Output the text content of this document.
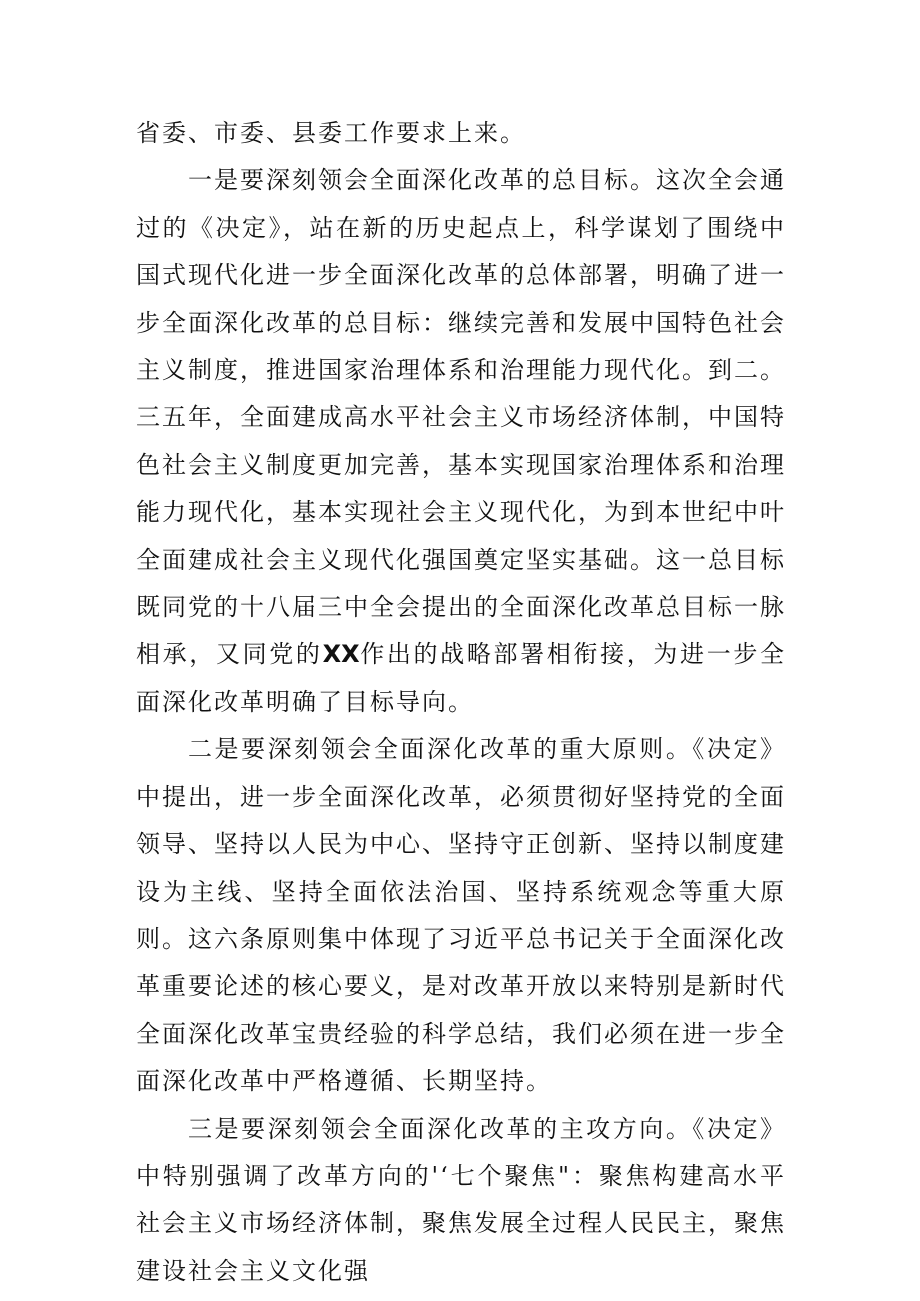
省委、市委、县委工作要求上来。

一是要深刻领会全面深化改革的总目标。这次全会通过的《决定》，站在新的历史起点上，科学谋划了围绕中国式现代化进一步全面深化改革的总体部署，明确了进一步全面深化改革的总目标：继续完善和发展中国特色社会主义制度，推进国家治理体系和治理能力现代化。到二。三五年，全面建成高水平社会主义市场经济体制，中国特色社会主义制度更加完善，基本实现国家治理体系和治理能力现代化，基本实现社会主义现代化，为到本世纪中叶全面建成社会主义现代化强国奠定坚实基础。这一总目标既同党的十八届三中全会提出的全面深化改革总目标一脉相承，又同党的XX作出的战略部署相衔接，为进一步全面深化改革明确了目标导向。

二是要深刻领会全面深化改革的重大原则。《决定》中提出，进一步全面深化改革，必须贯彻好坚持党的全面领导、坚持以人民为中心、坚持守正创新、坚持以制度建设为主线、坚持全面依法治国、坚持系统观念等重大原则。这六条原则集中体现了习近平总书记关于全面深化改革重要论述的核心要义，是对改革开放以来特别是新时代全面深化改革宝贵经验的科学总结，我们必须在进一步全面深化改革中严格遵循、长期坚持。

三是要深刻领会全面深化改革的主攻方向。《决定》中特别强调了改革方向的'‘七个聚焦"：聚焦构建高水平社会主义市场经济体制，聚焦发展全过程人民民主，聚焦建设社会主义文化强
